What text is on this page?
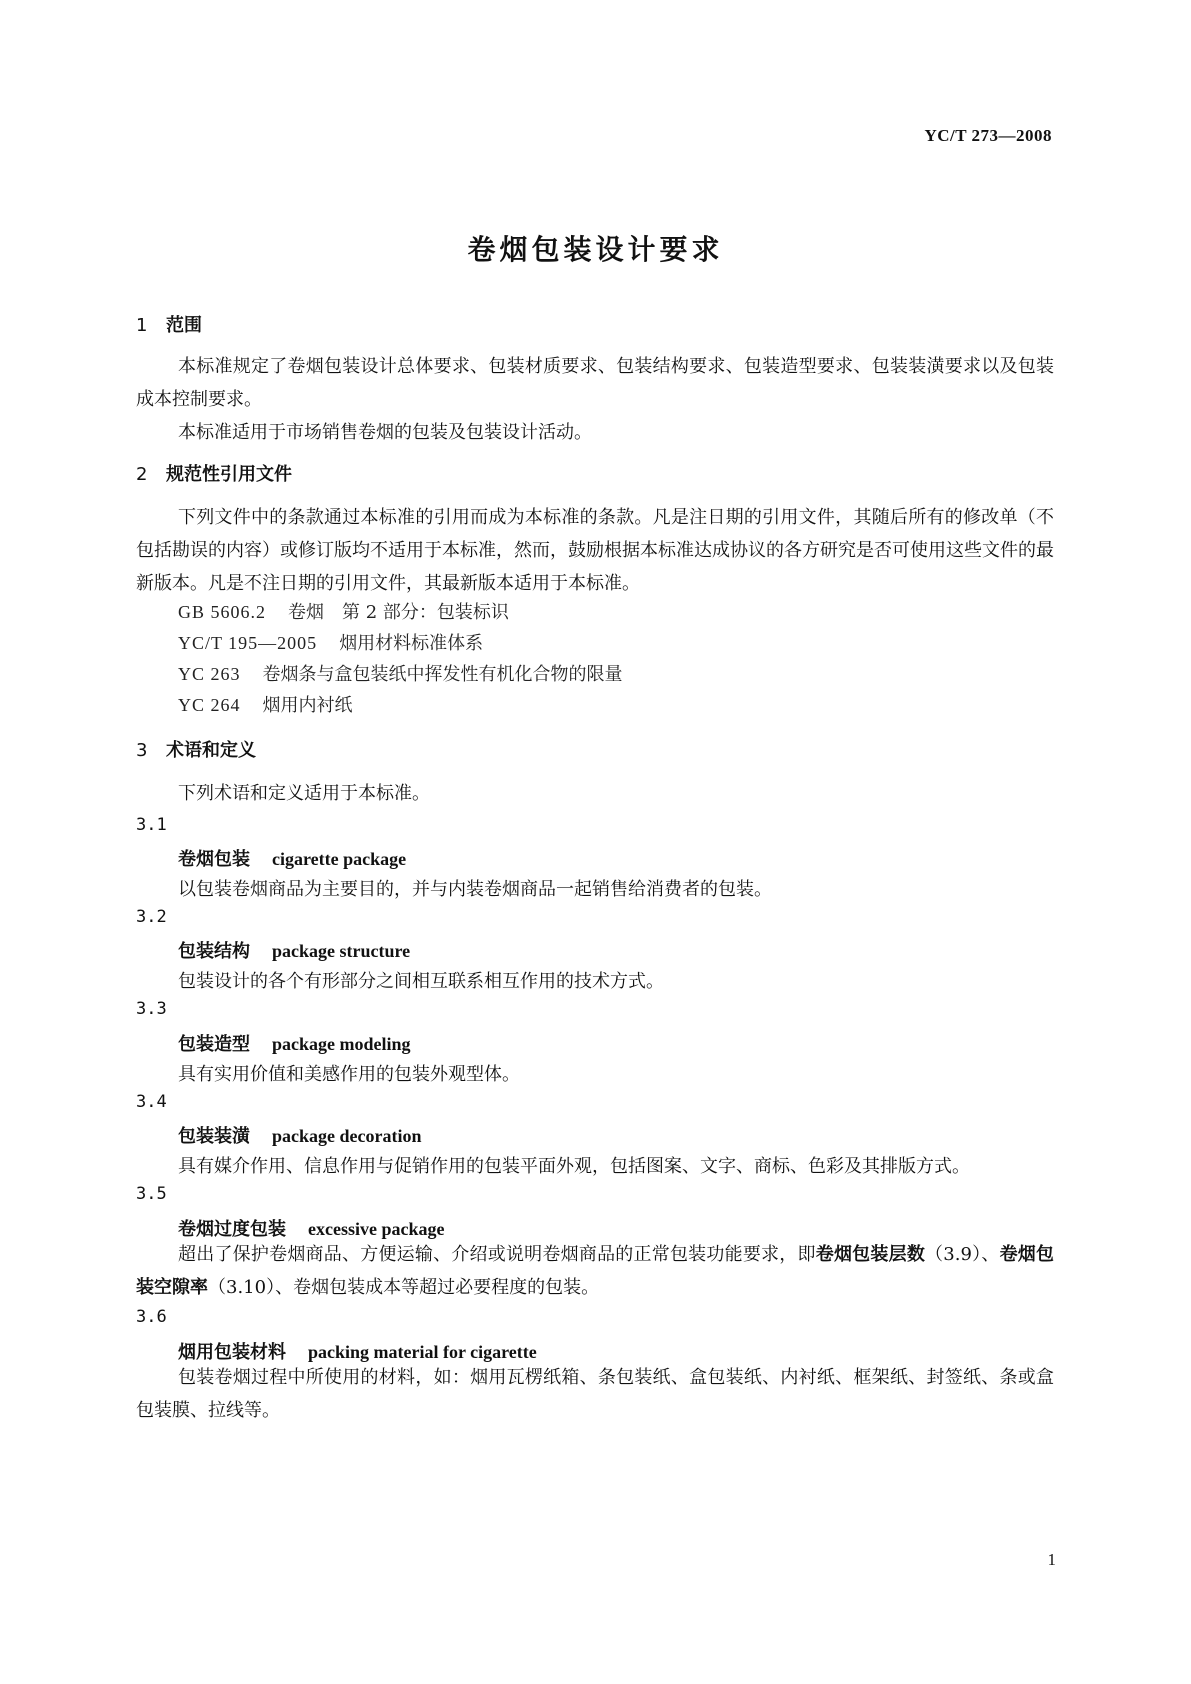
YC/T 273—2008
卷烟包装设计要求
1 范围

本标准规定了卷烟包装设计总体要求、包装材质要求、包装结构要求、包装造型要求、包装装潢要求以及包装成本控制要求。

本标准适用于市场销售卷烟的包装及包装设计活动。

2 规范性引用文件

下列文件中的条款通过本标准的引用而成为本标准的条款。凡是注日期的引用文件，其随后所有的修改单（不包括勘误的内容）或修订版均不适用于本标准，然而，鼓励根据本标准达成协议的各方研究是否可使用这些文件的最新版本。凡是不注日期的引用文件，其最新版本适用于本标准。

GB 5606.2 卷烟　第 2 部分：包装标识
YC/T 195—2005 烟用材料标准体系
YC 263 卷烟条与盒包装纸中挥发性有机化合物的限量
YC 264 烟用内衬纸
3 术语和定义
下列术语和定义适用于本标准。
3.1
卷烟包装 cigarette package
以包装卷烟商品为主要目的，并与内装卷烟商品一起销售给消费者的包装。
3.2
包装结构 package structure
包装设计的各个有形部分之间相互联系相互作用的技术方式。
3.3
包装造型 package modeling
具有实用价值和美感作用的包装外观型体。
3.4
包装装潢 package decoration
具有媒介作用、信息作用与促销作用的包装平面外观，包括图案、文字、商标、色彩及其排版方式。
3.5
卷烟过度包装 excessive package

超出了保护卷烟商品、方便运输、介绍或说明卷烟商品的正常包装功能要求，即卷烟包装层数（3.9）、卷烟包装空隙率（3.10）、卷烟包装成本等超过必要程度的包装。

3.6
烟用包装材料 packing material for cigarette

包装卷烟过程中所使用的材料，如：烟用瓦楞纸箱、条包装纸、盒包装纸、内衬纸、框架纸、封签纸、条或盒包装膜、拉线等。

1
